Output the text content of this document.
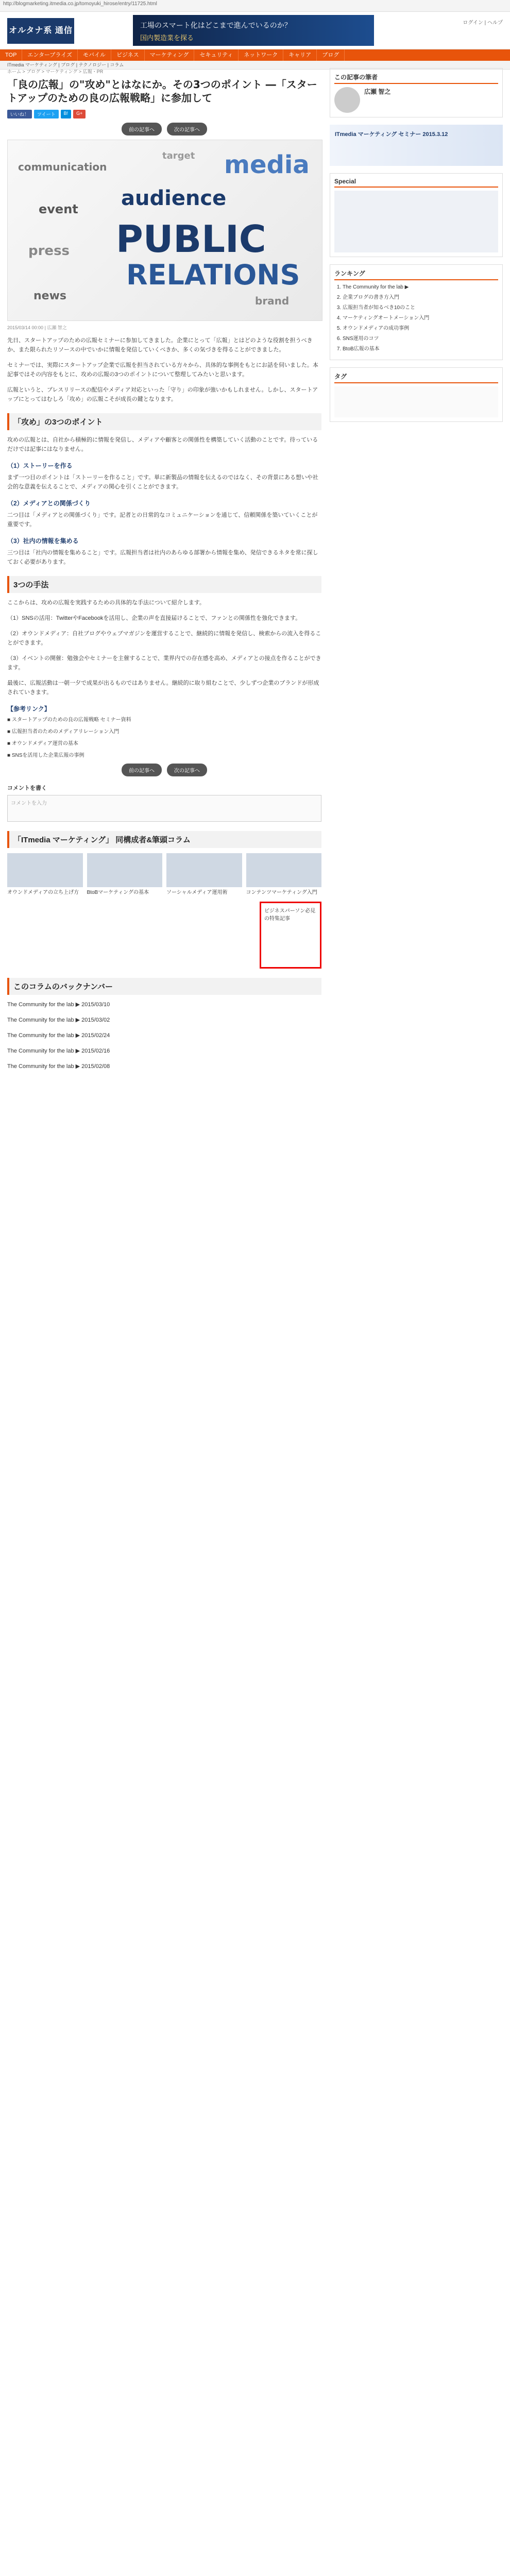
http://blogmarketing.itmedia.co.jp/tomoyuki_hirose/entry/11725.html
オルタナ系 通信
工場のスマート化はどこまで進んでいるのか？
国内製造業を探る
ログイン | ヘルプ
TOP	エンタープライズ	モバイル	ビジネス	マーケティング	セキュリティ	ネットワーク	キャリア	ブログ
ITmedia マーケティング | ブログ | テクノロジー | コラム
ホーム > ブログ > マーケティング > 広報・PR
「良の広報」の"攻め"とはなにか。その3つのポイント ―「スタートアップのための良の広報戦略」に参加して
いいね！	ツイート	B!	G+
前の記事へ	次の記事へ
PUBLIC
RELATIONS
media
audience
communication
press
brand
event
news
target
2015/03/14 00:00 | 広瀬 智之

先日、スタートアップのための広報セミナーに参加してきました。企業にとって「広報」とはどのような役割を担うべきか、また限られたリソースの中でいかに情報を発信していくべきか、多くの気づきを得ることができました。

セミナーでは、実際にスタートアップ企業で広報を担当されている方々から、具体的な事例をもとにお話を伺いました。本記事ではその内容をもとに、攻めの広報の3つのポイントについて整理してみたいと思います。

広報というと、プレスリリースの配信やメディア対応といった「守り」の印象が強いかもしれません。しかし、スタートアップにとってはむしろ「攻め」の広報こそが成長の鍵となります。

「攻め」の3つのポイント

攻めの広報とは、自社から積極的に情報を発信し、メディアや顧客との関係性を構築していく活動のことです。待っているだけでは記事にはなりません。

（1）ストーリーを作る

まず一つ目のポイントは「ストーリーを作ること」です。単に新製品の情報を伝えるのではなく、その背景にある想いや社会的な意義を伝えることで、メディアの関心を引くことができます。

（2）メディアとの関係づくり

二つ目は「メディアとの関係づくり」です。記者との日常的なコミュニケーションを通じて、信頼関係を築いていくことが重要です。

（3）社内の情報を集める

三つ目は「社内の情報を集めること」です。広報担当者は社内のあらゆる部署から情報を集め、発信できるネタを常に探しておく必要があります。

3つの手法

ここからは、攻めの広報を実践するための具体的な手法について紹介します。

（1）SNSの活用：TwitterやFacebookを活用し、企業の声を直接届けることで、ファンとの関係性を強化できます。

（2）オウンドメディア：自社ブログやウェブマガジンを運営することで、継続的に情報を発信し、検索からの流入を得ることができます。

（3）イベントの開催：勉強会やセミナーを主催することで、業界内での存在感を高め、メディアとの接点を作ることができます。

最後に、広報活動は一朝一夕で成果が出るものではありません。継続的に取り組むことで、少しずつ企業のブランドが形成されていきます。

【参考リンク】

■ スタートアップのための良の広報戦略 セミナー資料

■ 広報担当者のためのメディアリレーション入門

■ オウンドメディア運営の基本

■ SNSを活用した企業広報の事例

前の記事へ	次の記事へ
コメントを書く
コメントを入力
「ITmedia マーケティング」 同構成者&筆頭コラム
オウンドメディアの立ち上げ方	BtoBマーケティングの基本	ソーシャルメディア運用術	コンテンツマーケティング入門
ビジネスパーソン必見の特集記事
このコラムのバックナンバー

The Community for the lab ▶ 2015/03/10

The Community for the lab ▶ 2015/03/02

The Community for the lab ▶ 2015/02/24

The Community for the lab ▶ 2015/02/16

The Community for the lab ▶ 2015/02/08

この記事の筆者
広瀬 智之
ITmedia マーケティング セミナー 2015.3.12
Special
ランキング
1. The Community for the lab ▶
2. 企業ブログの書き方入門
3. 広報担当者が知るべき10のこと
4. マーケティングオートメーション入門
5. オウンドメディアの成功事例
6. SNS運用のコツ
7. BtoB広報の基本
タグ
